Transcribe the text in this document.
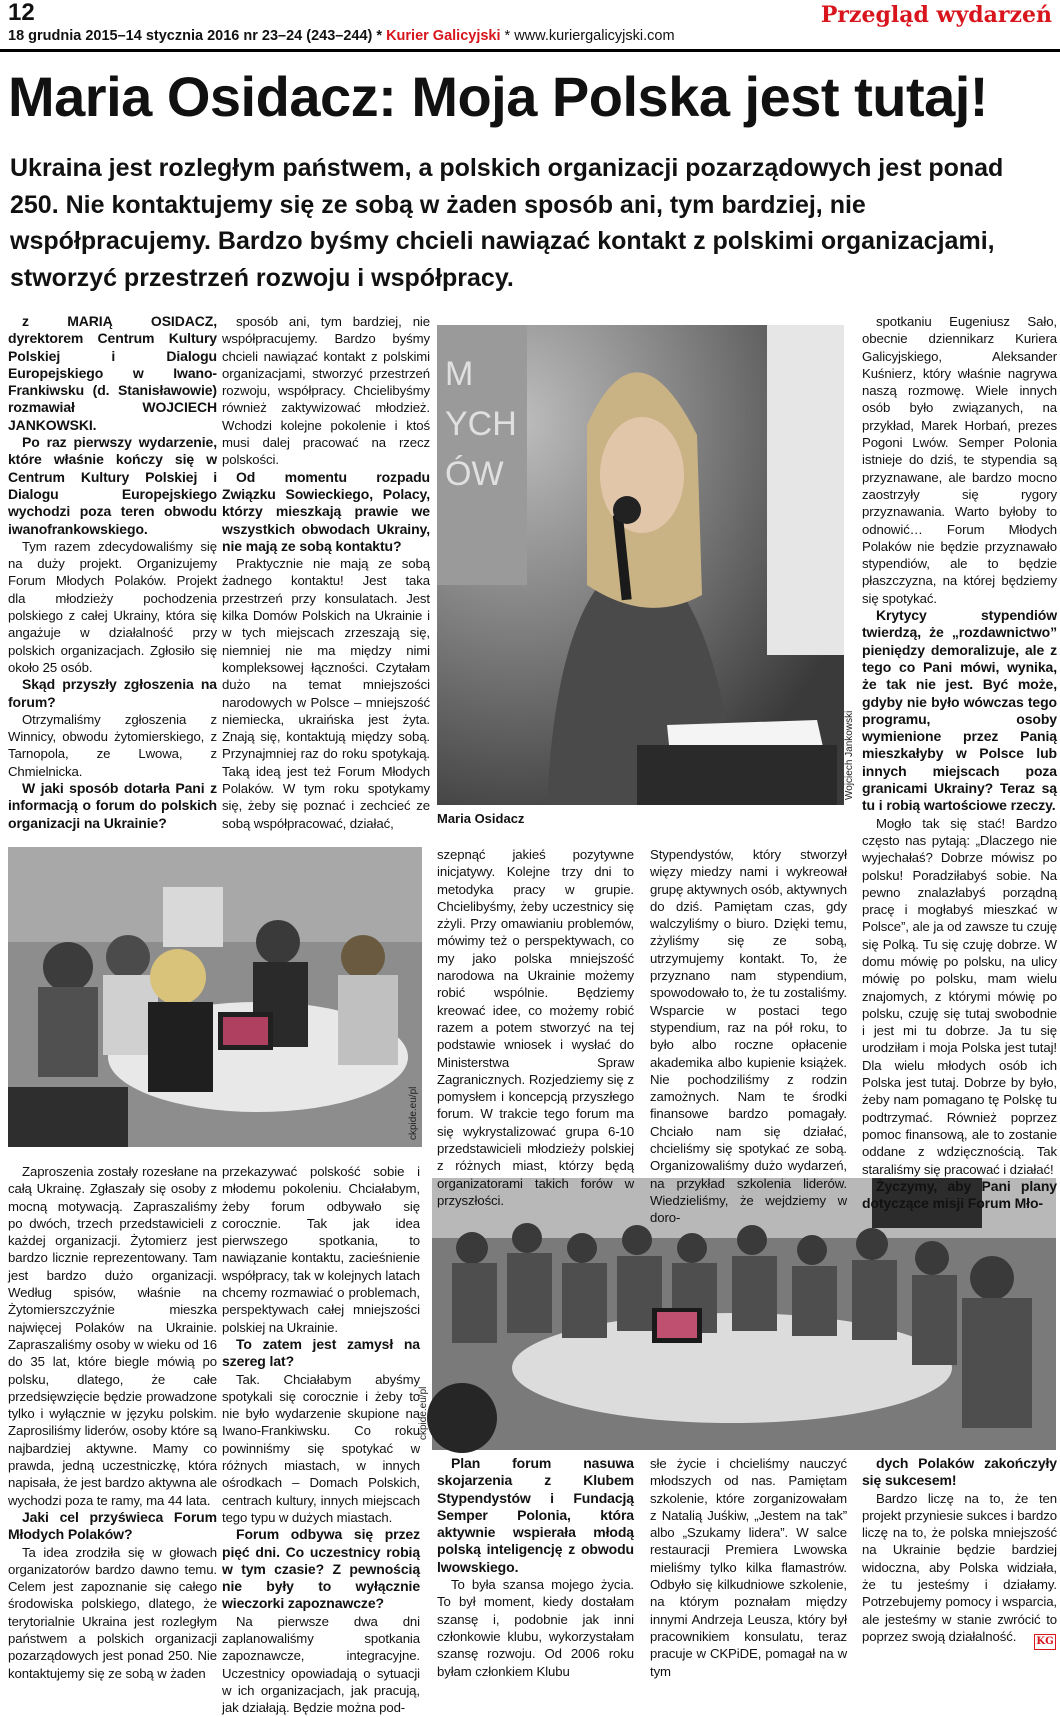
12
18 grudnia 2015–14 stycznia 2016 nr 23–24 (243–244) * Kurier Galicyjski * www.kuriergalicyjski.com
Przegląd wydarzeń
Maria Osidacz: Moja Polska jest tutaj!
Ukraina jest rozległym państwem, a polskich organizacji pozarządowych jest ponad 250. Nie kontaktujemy się ze sobą w żaden sposób ani, tym bardziej, nie współpracujemy. Bardzo byśmy chcieli nawiązać kontakt z polskimi organizacjami, stworzyć przestrzeń rozwoju i współpracy.
M
YCH
ÓW
Wojciech Jankowski
Maria Osidacz
ckpide.eu/pl
ckpide.eu/pl

z MARIĄ OSIDACZ, dyrektorem Centrum Kultury Polskiej i Dialogu Europejskiego w Iwano-Frankiwsku (d. Stanisławowie) rozmawiał WOJCIECH JANKOWSKI.

Po raz pierwszy wydarzenie, które właśnie kończy się w Centrum Kultury Polskiej i Dialogu Europejskiego wychodzi poza teren obwodu iwanofrankowskiego.

Tym razem zdecydowaliśmy się na duży projekt. Organizujemy Forum Młodych Polaków. Projekt dla młodzieży pochodzenia polskiego z całej Ukrainy, która się angażuje w działalność przy polskich organizacjach. Zgłosiło się około 25 osób.

Skąd przyszły zgłoszenia na forum?

Otrzymaliśmy zgłoszenia z Winnicy, obwodu żytomierskiego, z Tarnopola, ze Lwowa, z Chmielnicka.

W jaki sposób dotarła Pani z informacją o forum do polskich organizacji na Ukrainie?

sposób ani, tym bardziej, nie współpracujemy. Bardzo byśmy chcieli nawiązać kontakt z polskimi organizacjami, stworzyć przestrzeń rozwoju, współpracy. Chcielibyśmy również zaktywizować młodzież. Wchodzi kolejne pokolenie i ktoś musi dalej pracować na rzecz polskości.

Od momentu rozpadu Związku Sowieckiego, Polacy, którzy mieszkają prawie we wszystkich obwodach Ukrainy, nie mają ze sobą kontaktu?

Praktycznie nie mają ze sobą żadnego kontaktu! Jest taka przestrzeń przy konsulatach. Jest kilka Domów Polskich na Ukrainie i w tych miejscach zrzeszają się, niemniej nie ma między nimi kompleksowej łączności. Czytałam dużo na temat mniejszości narodowych w Polsce – mniejszość niemiecka, ukraińska jest żyta. Znają się, kontaktują między sobą. Przynajmniej raz do roku spotykają. Taką ideą jest też Forum Młodych Polaków. W tym roku spotykamy się, żeby się poznać i zechcieć ze sobą współpracować, działać,

spotkaniu Eugeniusz Sało, obecnie dziennikarz Kuriera Galicyjskiego, Aleksander Kuśnierz, który właśnie nagrywa naszą rozmowę. Wiele innych osób było związanych, na przykład, Marek Horbań, prezes Pogoni Lwów. Semper Polonia istnieje do dziś, te stypendia są przyznawane, ale bardzo mocno zaostrzyły się rygory przyznawania. Warto byłoby to odnowić… Forum Młodych Polaków nie będzie przyznawało stypendiów, ale to będzie płaszczyzna, na której będziemy się spotykać.

Krytycy stypendiów twierdzą, że „rozdawnictwo” pieniędzy demoralizuje, ale z tego co Pani mówi, wynika, że tak nie jest. Być może, gdyby nie było wówczas tego programu, osoby wymienione przez Panią mieszkałyby w Polsce lub innych miejscach poza granicami Ukrainy? Teraz są tu i robią wartościowe rzeczy.

Mogło tak się stać! Bardzo często nas pytają: „Dlaczego nie wyjechałaś? Dobrze mówisz po polsku! Poradziłabyś sobie. Na pewno znalazłabyś porządną pracę i mogłabyś mieszkać w Polsce”, ale ja od zawsze tu czuję się Polką. Tu się czuję dobrze. W domu mówię po polsku, na ulicy mówię po polsku, mam wielu znajomych, z którymi mówię po polsku, czuję się tutaj swobodnie i jest mi tu dobrze. Ja tu się urodziłam i moja Polska jest tutaj! Dla wielu młodych osób ich Polska jest tutaj. Dobrze by było, żeby nam pomagano tę Polskę tu podtrzymać. Również poprzez pomoc finansową, ale to zostanie oddane z wdzięcznością. Tak staraliśmy się pracować i działać!

Życzymy, aby Pani plany dotyczące misji Forum Mło-

szepnąć jakieś pozytywne inicjatywy. Kolejne trzy dni to metodyka pracy w grupie. Chcielibyśmy, żeby uczestnicy się zżyli. Przy omawianiu problemów, mówimy też o perspektywach, co my jako polska mniejszość narodowa na Ukrainie możemy robić wspólnie. Będziemy kreować idee, co możemy robić razem a potem stworzyć na tej podstawie wniosek i wysłać do Ministerstwa Spraw Zagranicznych. Rozjedziemy się z pomysłem i koncepcją przyszłego forum. W trakcie tego forum ma się wykrystalizować grupa 6-10 przedstawicieli młodzieży polskiej z różnych miast, którzy będą organizatorami takich forów w przyszłości.

Stypendystów, który stworzył więzy miedzy nami i wykreował grupę aktywnych osób, aktywnych do dziś. Pamiętam czas, gdy walczyliśmy o biuro. Dzięki temu, zżyliśmy się ze sobą, utrzymujemy kontakt. To, że przyznano nam stypendium, spowodowało to, że tu zostaliśmy. Wsparcie w postaci tego stypendium, raz na pół roku, to było albo roczne opłacenie akademika albo kupienie książek. Nie pochodziliśmy z rodzin zamożnych. Nam te środki finansowe bardzo pomagały. Chciało nam się działać, chcieliśmy się spotykać ze sobą. Organizowaliśmy dużo wydarzeń, na przykład szkolenia liderów. Wiedzieliśmy, że wejdziemy w doro-

Zaproszenia zostały rozesłane na całą Ukrainę. Zgłaszały się osoby z mocną motywacją. Zapraszaliśmy po dwóch, trzech przedstawicieli z każdej organizacji. Żytomierz jest bardzo licznie reprezentowany. Tam jest bardzo dużo organizacji. Według spisów, właśnie na Żytomierszczyźnie mieszka najwięcej Polaków na Ukrainie. Zapraszaliśmy osoby w wieku od 16 do 35 lat, które biegle mówią po polsku, dlatego, że całe przedsięwzięcie będzie prowadzone tylko i wyłącznie w języku polskim. Zaprosiliśmy liderów, osoby które są najbardziej aktywne. Mamy co prawda, jedną uczestniczkę, która napisała, że jest bardzo aktywna ale wychodzi poza te ramy, ma 44 lata.

Jaki cel przyświeca Forum Młodych Polaków?

Ta idea zrodziła się w głowach organizatorów bardzo dawno temu. Celem jest zapoznanie się całego środowiska polskiego, dlatego, że terytorialnie Ukraina jest rozległym państwem a polskich organizacji pozarządowych jest ponad 250. Nie kontaktujemy się ze sobą w żaden

przekazywać polskość sobie i młodemu pokoleniu. Chciałabym, żeby forum odbywało się corocznie. Tak jak idea pierwszego spotkania, to nawiązanie kontaktu, zacieśnienie współpracy, tak w kolejnych latach chcemy rozmawiać o problemach, perspektywach całej mniejszości polskiej na Ukrainie.

To zatem jest zamysł na szereg lat?

Tak. Chciałabym abyśmy spotykali się corocznie i żeby to nie było wydarzenie skupione na Iwano-Frankiwsku. Co roku powinniśmy się spotykać w różnych miastach, w innych ośrodkach – Domach Polskich, centrach kultury, innych miejscach tego typu w dużych miastach.

Forum odbywa się przez pięć dni. Co uczestnicy robią w tym czasie? Z pewnością nie były to wyłącznie wieczorki zapoznawcze?

Na pierwsze dwa dni zaplanowaliśmy spotkania zapoznawcze, integracyjne. Uczestnicy opowiadają o sytuacji w ich organizacjach, jak pracują, jak działają. Będzie można pod-

Plan forum nasuwa skojarzenia z Klubem Stypendystów i Fundacją Semper Polonia, która aktywnie wspierała młodą polską inteligencję z obwodu lwowskiego.

To była szansa mojego życia. To był moment, kiedy dostałam szansę i, podobnie jak inni członkowie klubu, wykorzystałam szansę rozwoju. Od 2006 roku byłam członkiem Klubu

słe życie i chcieliśmy nauczyć młodszych od nas. Pamiętam szkolenie, które zorganizowałam z Natalią Juśkiw, „Jestem na tak” albo „Szukamy lidera”. W salce restauracji Premiera Lwowska mieliśmy tylko kilka flamastrów. Odbyło się kilkudniowe szkolenie, na którym poznałam między innymi Andrzeja Leusza, który był pracownikiem konsulatu, teraz pracuje w CKPiDE, pomagał na w tym

dych Polaków zakończyły się sukcesem!

Bardzo liczę na to, że ten projekt przyniesie sukces i bardzo liczę na to, że polska mniejszość na Ukrainie będzie bardziej widoczna, aby Polska widziała, że tu jesteśmy i działamy. Potrzebujemy pomocy i wsparcia, ale jesteśmy w stanie zwrócić to poprzez swoją działalność.	KG
